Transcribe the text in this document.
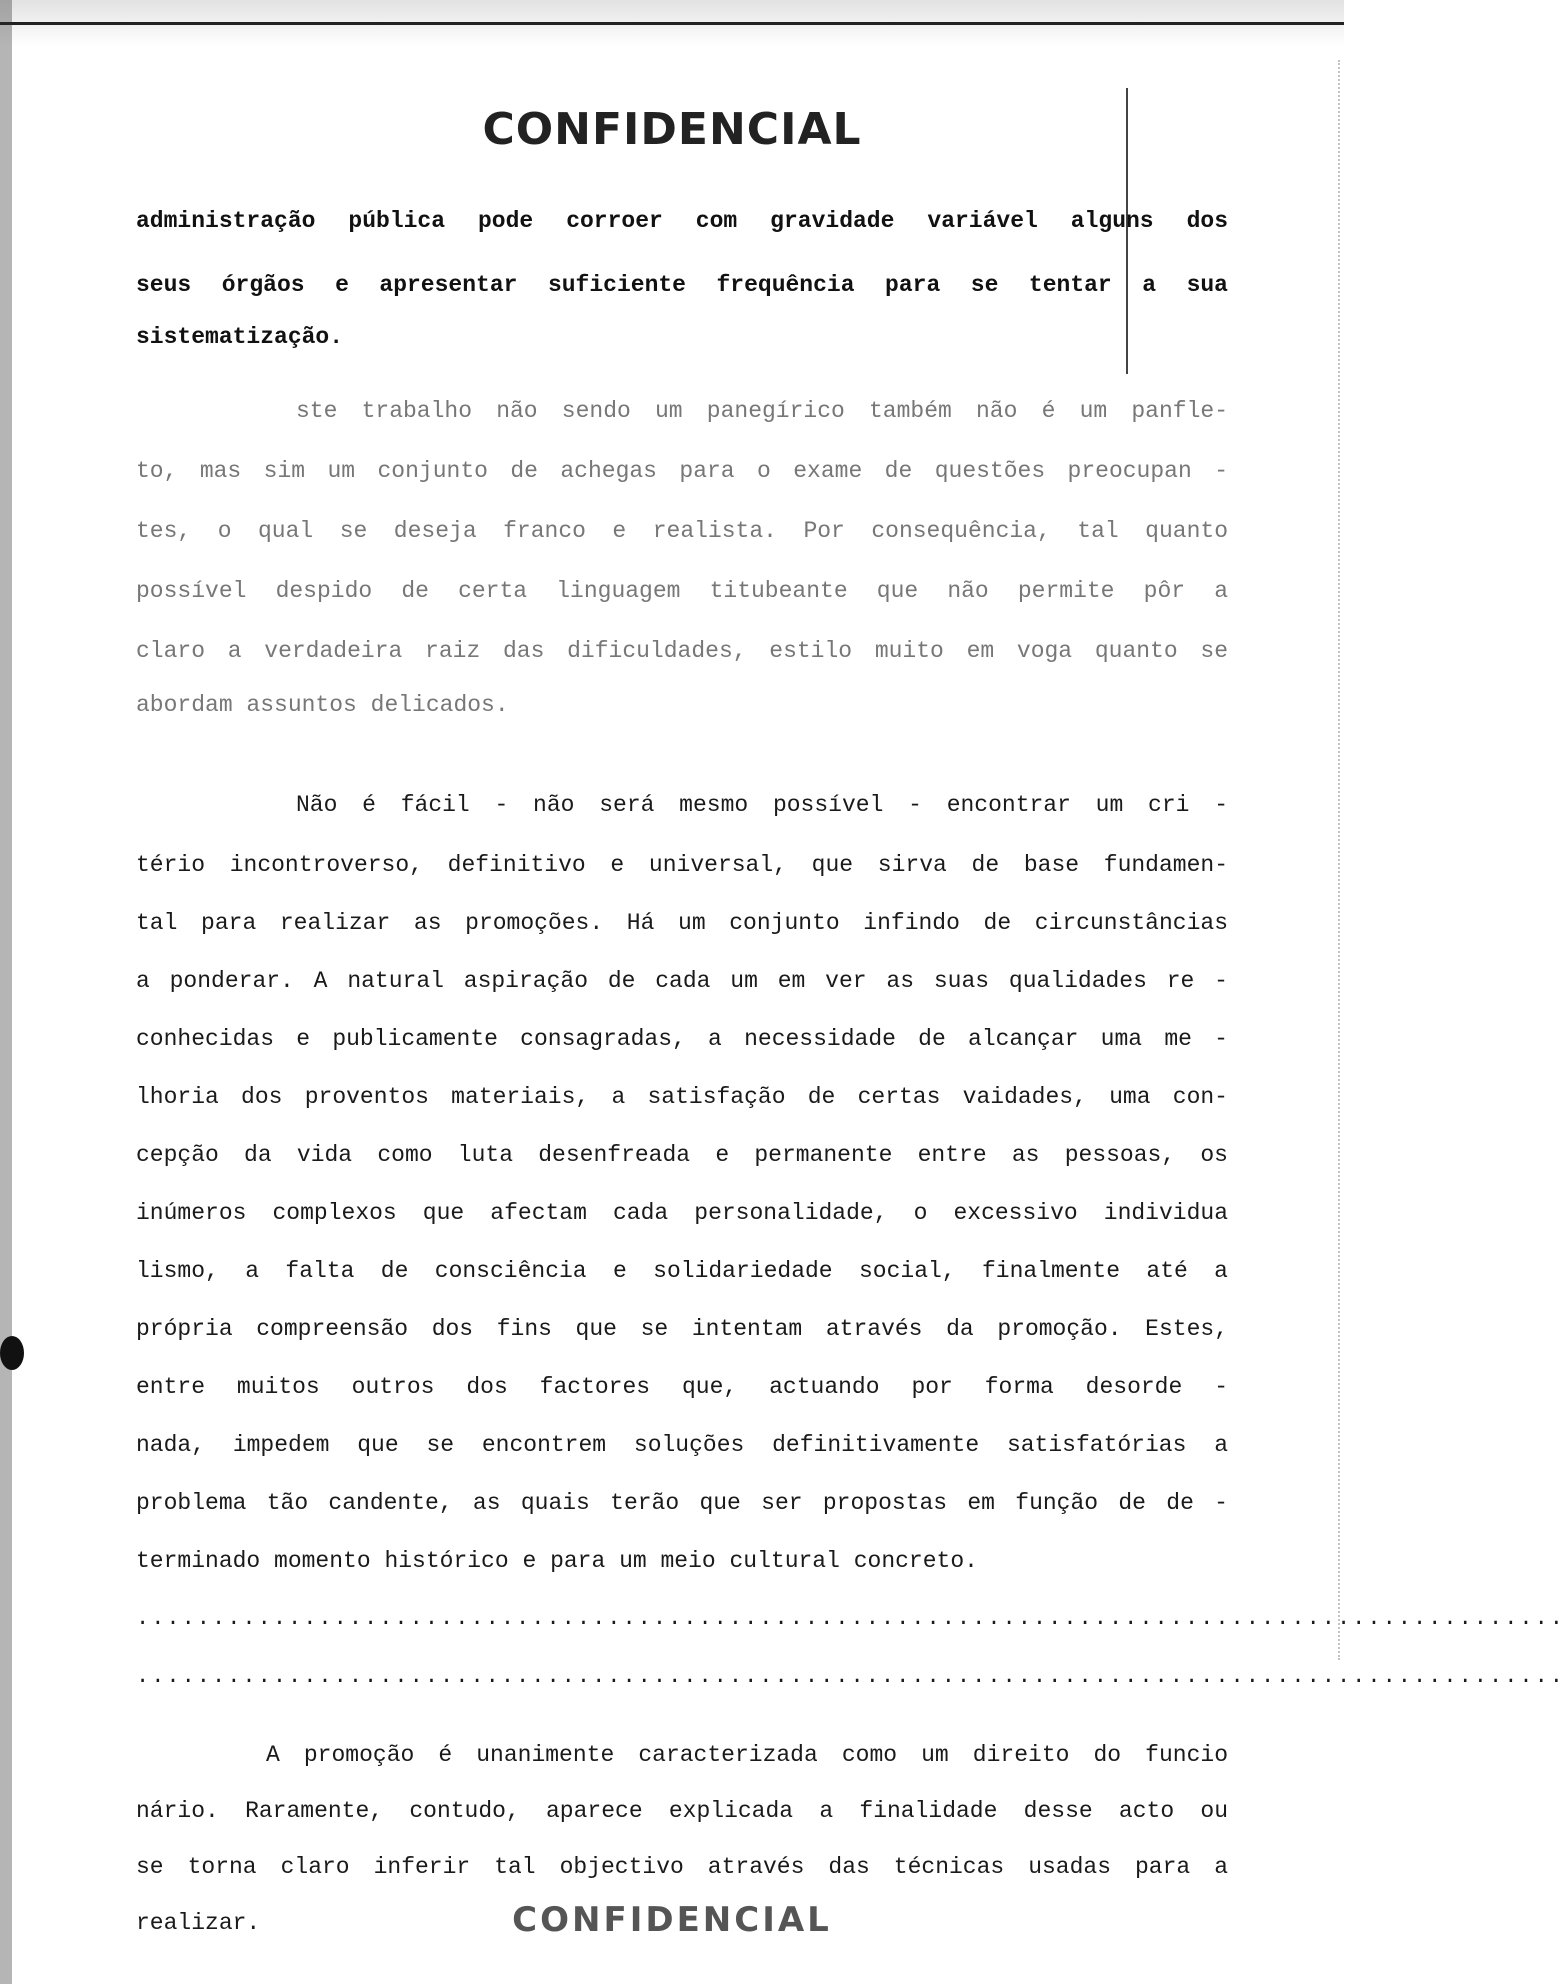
CONFIDENCIAL
administração pública pode corroer com gravidade variável alguns dos
seus órgãos e apresentar suficiente frequência para se tentar a sua
sistematização.
ste trabalho não sendo um panegírico também não é um panfle-
to, mas sim um conjunto de achegas para o exame de questões preocupan -
tes, o qual se deseja franco e realista. Por consequência, tal quanto
possível despido de certa linguagem titubeante que não permite pôr a
claro a verdadeira raiz das dificuldades, estilo muito em voga quanto se
abordam assuntos delicados.
Não é fácil - não será mesmo possível - encontrar um cri -
tério incontroverso, definitivo e universal, que sirva de base fundamen-
tal para realizar as promoções. Há um conjunto infindo de circunstâncias
a ponderar. A natural aspiração de cada um em ver as suas qualidades re -
conhecidas e publicamente consagradas, a necessidade de alcançar uma me -
lhoria dos proventos materiais, a satisfação de certas vaidades, uma con-
cepção da vida como luta desenfreada e permanente entre as pessoas, os
inúmeros complexos que afectam cada personalidade, o excessivo individua
lismo, a falta de consciência e solidariedade social, finalmente até a
própria compreensão dos fins que se intentam através da promoção. Estes,
entre muitos outros dos factores que, actuando por forma desorde -
nada, impedem que se encontrem soluções definitivamente satisfatórias a
problema tão candente, as quais terão que ser propostas em função de de -
terminado momento histórico e para um meio cultural concreto.
..............................................................................................
..............................................................................................
A promoção é unanimente caracterizada como um direito do funcio
nário. Raramente, contudo, aparece explicada a finalidade desse acto ou
se torna claro inferir tal objectivo através das técnicas usadas para a
realizar.	CONFIDENCIAL
